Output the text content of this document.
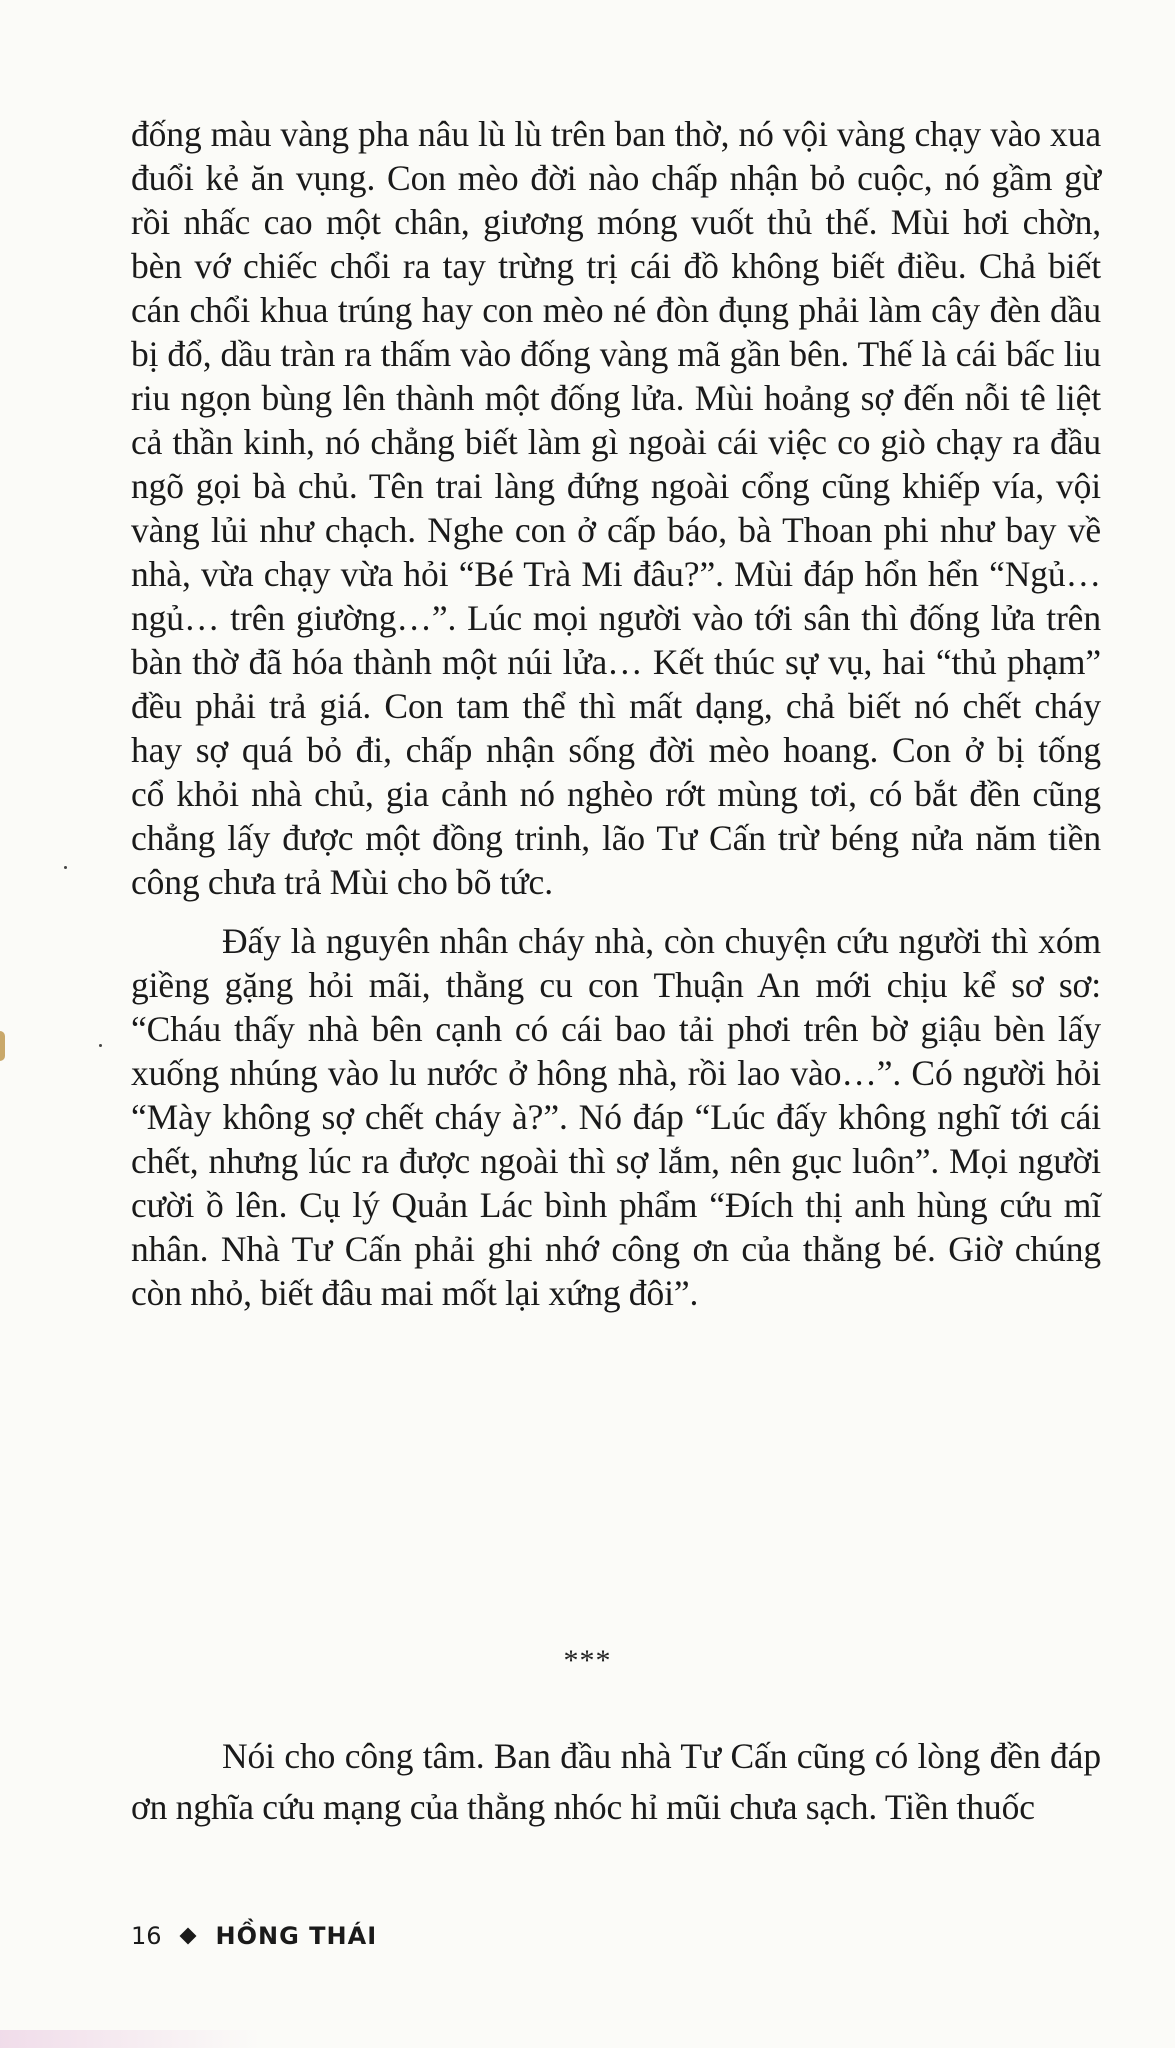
đống màu vàng pha nâu lù lù trên ban thờ, nó vội vàng chạy vào xua
đuổi kẻ ăn vụng. Con mèo đời nào chấp nhận bỏ cuộc, nó gầm gừ
rồi nhấc cao một chân, giương móng vuốt thủ thế. Mùi hơi chờn,
bèn vớ chiếc chổi ra tay trừng trị cái đồ không biết điều. Chả biết
cán chổi khua trúng hay con mèo né đòn đụng phải làm cây đèn dầu
bị đổ, dầu tràn ra thấm vào đống vàng mã gần bên. Thế là cái bấc liu
riu ngọn bùng lên thành một đống lửa. Mùi hoảng sợ đến nỗi tê liệt
cả thần kinh, nó chẳng biết làm gì ngoài cái việc co giò chạy ra đầu
ngõ gọi bà chủ. Tên trai làng đứng ngoài cổng cũng khiếp vía, vội
vàng lủi như chạch. Nghe con ở cấp báo, bà Thoan phi như bay về
nhà, vừa chạy vừa hỏi “Bé Trà Mi đâu?”. Mùi đáp hổn hển “Ngủ…
ngủ… trên giường…”. Lúc mọi người vào tới sân thì đống lửa trên
bàn thờ đã hóa thành một núi lửa… Kết thúc sự vụ, hai “thủ phạm”
đều phải trả giá. Con tam thể thì mất dạng, chả biết nó chết cháy
hay sợ quá bỏ đi, chấp nhận sống đời mèo hoang. Con ở bị tống
cổ khỏi nhà chủ, gia cảnh nó nghèo rớt mùng tơi, có bắt đền cũng
chẳng lấy được một đồng trinh, lão Tư Cấn trừ béng nửa năm tiền
công chưa trả Mùi cho bõ tức.
Đấy là nguyên nhân cháy nhà, còn chuyện cứu người thì xóm
giềng gặng hỏi mãi, thằng cu con Thuận An mới chịu kể sơ sơ:
“Cháu thấy nhà bên cạnh có cái bao tải phơi trên bờ giậu bèn lấy
xuống nhúng vào lu nước ở hông nhà, rồi lao vào…”. Có người hỏi
“Mày không sợ chết cháy à?”. Nó đáp “Lúc đấy không nghĩ tới cái
chết, nhưng lúc ra được ngoài thì sợ lắm, nên gục luôn”. Mọi người
cười ồ lên. Cụ lý Quản Lác bình phẩm “Đích thị anh hùng cứu mĩ
nhân. Nhà Tư Cấn phải ghi nhớ công ơn của thằng bé. Giờ chúng
còn nhỏ, biết đâu mai mốt lại xứng đôi”.
***
Nói cho công tâm. Ban đầu nhà Tư Cấn cũng có lòng đền đáp
ơn nghĩa cứu mạng của thằng nhóc hỉ mũi chưa sạch. Tiền thuốc
16 HỒNG THÁI
